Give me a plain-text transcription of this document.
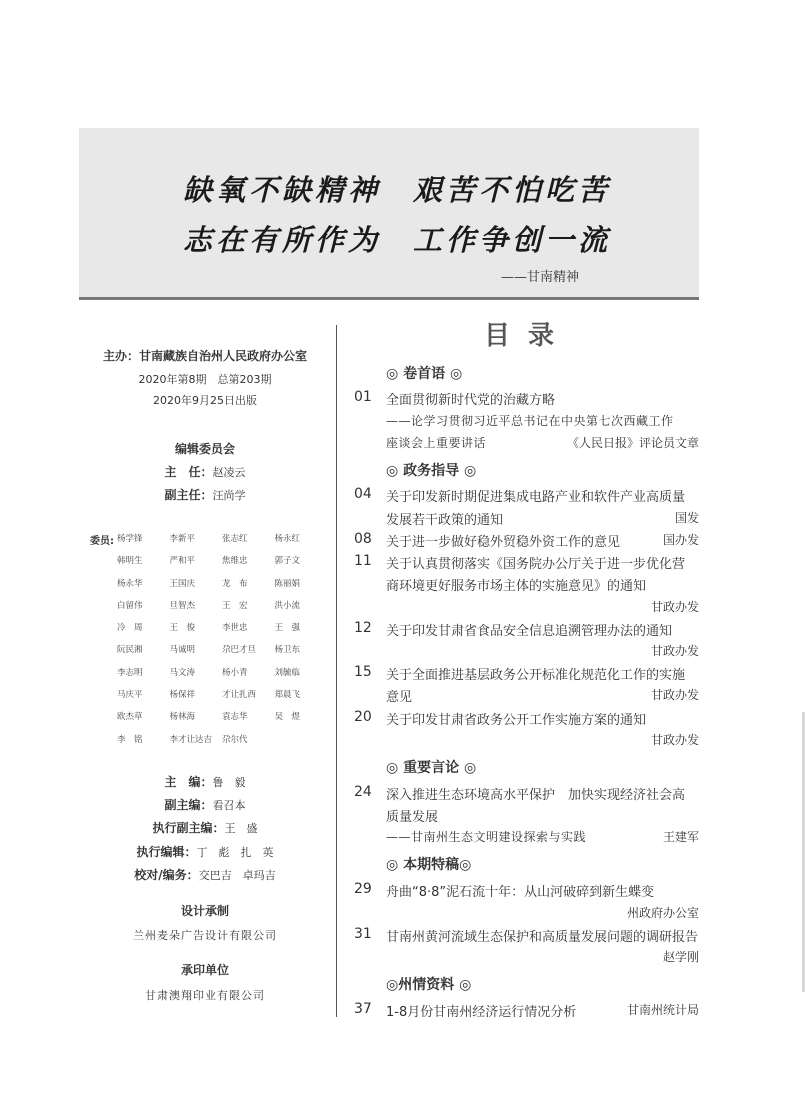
缺氧不缺精神 艰苦不怕吃苦
志在有所作为 工作争创一流
——甘南精神
主办：甘南藏族自治州人民政府办公室
2020年第8期　总第203期
2020年9月25日出版
编辑委员会
主　任：赵凌云
副主任：汪尚学
委员: 杨学锋	李新平	张志红	杨永红
韩明生	严和平	焦维忠	郭子文
杨永华	王国庆	龙　布	陈丽娟
白留伟	旦智杰	王　宏	洪小流
冷　周	王　俊	李世忠	王　强
阮民湘	马诚明	尕巴才旦	杨卫东
李志明	马文涛	杨小青	刘毓临
马庆平	杨保祥	才让扎西	郑晨飞
欧杰草	杨林海	袁志华	吴　煜
李　铭	李才让达吉	尕尔代
主　编：鲁　毅
副主编：看召本
执行副主编：王　盛
执行编辑：丁　彪　扎　英
校对/编务：交巴吉　卓玛吉
设计承制
兰州麦朵广告设计有限公司
承印单位
甘肃澳翔印业有限公司
目录
◎ 卷首语 ◎
01 全面贯彻新时代党的治藏方略
——论学习贯彻习近平总书记在中央第七次西藏工作
座谈会上重要讲话	《人民日报》评论员文章
◎ 政务指导 ◎
04 关于印发新时期促进集成电路产业和软件产业高质量
发展若干政策的通知	国发
08 关于进一步做好稳外贸稳外资工作的意见	国办发
11 关于认真贯彻落实《国务院办公厅关于进一步优化营
商环境更好服务市场主体的实施意见》的通知
甘政办发
12 关于印发甘肃省食品安全信息追溯管理办法的通知
甘政办发
15 关于全面推进基层政务公开标准化规范化工作的实施
意见	甘政办发
20 关于印发甘肃省政务公开工作实施方案的通知
甘政办发
◎ 重要言论 ◎
24 深入推进生态环境高水平保护　加快实现经济社会高
质量发展
——甘南州生态文明建设探索与实践	王建军
◎ 本期特稿◎
29 舟曲“8·8”泥石流十年：从山河破碎到新生蝶变
州政府办公室
31 甘南州黄河流域生态保护和高质量发展问题的调研报告
赵学刚
◎州情资料 ◎
37 1-8月份甘南州经济运行情况分析	甘南州统计局
